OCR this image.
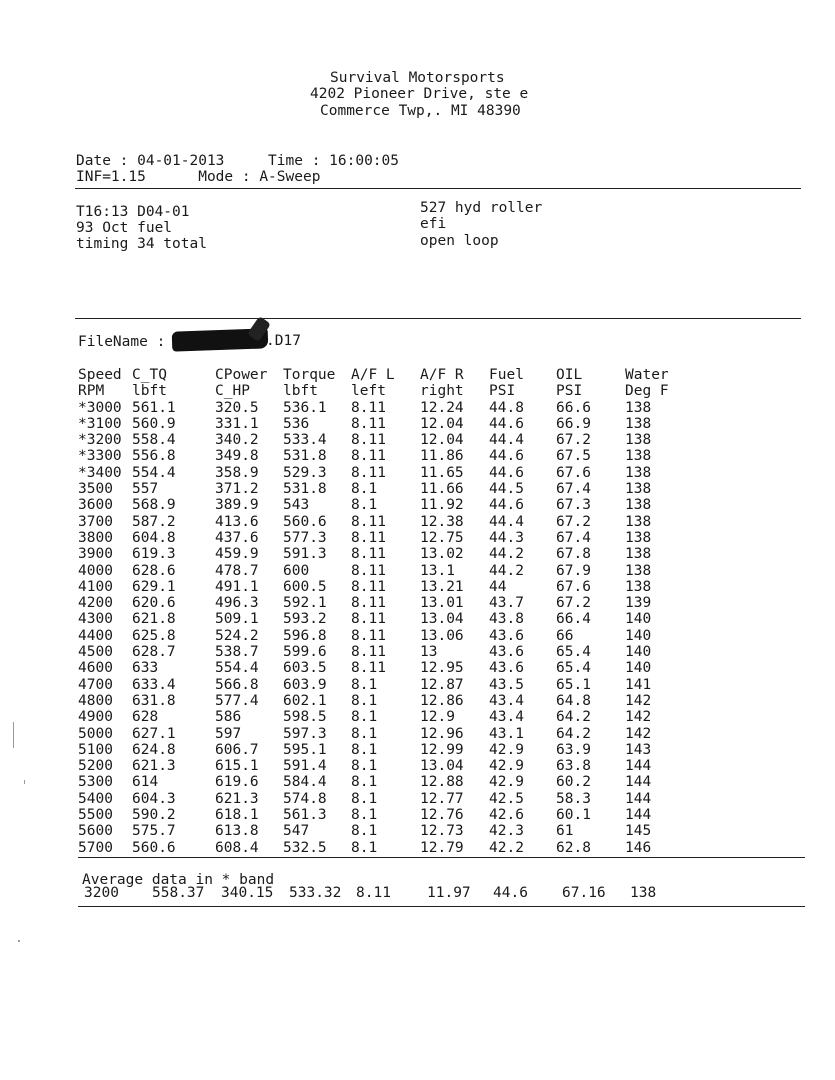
Survival Motorsports
4202 Pioneer Drive, ste e
Commerce Twp,. MI 48390
Date : 04-01-2013     Time : 16:00:05
INF=1.15      Mode : A-Sweep
T16:13 D04-01
93 Oct fuel
timing 34 total
527 hyd roller
efi
open loop
FileName :	.D17
Speed C_TQ	CPower Torque A/F L A/F R Fuel OIL	Water
RPM lbft	C_HP lbft left right PSI	PSI	Deg F
*3000 561.1	320.5 536.1 8.11 12.24 44.8 66.6 138
*3100 560.9	331.1 536	8.11 12.04 44.6 66.9 138
*3200 558.4	340.2 533.4 8.11 12.04 44.4 67.2 138
*3300 556.8	349.8 531.8 8.11 11.86 44.6 67.5 138
*3400 554.4	358.9 529.3 8.11 11.65 44.6 67.6 138
3500 557	371.2 531.8 8.1	11.66 44.5 67.4 138
3600 568.9	389.9 543	8.1	11.92 44.6 67.3 138
3700 587.2	413.6 560.6 8.11 12.38 44.4 67.2 138
3800 604.8	437.6 577.3 8.11 12.75 44.3 67.4 138
3900 619.3	459.9 591.3 8.11 13.02 44.2 67.8 138
4000 628.6	478.7 600	8.11 13.1 44.2 67.9 138
4100 629.1	491.1 600.5 8.11 13.21 44	67.6 138
4200 620.6	496.3 592.1 8.11 13.01 43.7 67.2 139
4300 621.8	509.1 593.2 8.11 13.04 43.8 66.4 140
4400 625.8	524.2 596.8 8.11 13.06 43.6 66	140
4500 628.7	538.7 599.6 8.11 13	43.6 65.4 140
4600 633	554.4 603.5 8.11 12.95 43.6 65.4 140
4700 633.4	566.8 603.9 8.1	12.87 43.5 65.1 141
4800 631.8	577.4 602.1 8.1	12.86 43.4 64.8 142
4900 628	586	598.5 8.1	12.9 43.4 64.2 142
5000 627.1	597	597.3 8.1	12.96 43.1 64.2 142
5100 624.8	606.7 595.1 8.1	12.99 42.9 63.9 143
5200 621.3	615.1 591.4 8.1	13.04 42.9 63.8 144
5300 614	619.6 584.4 8.1	12.88 42.9 60.2 144
5400 604.3	621.3 574.8 8.1	12.77 42.5 58.3 144
5500 590.2	618.1 561.3 8.1	12.76 42.6 60.1 144
5600 575.7	613.8 547	8.1	12.73 42.3 61	145
5700 560.6	608.4 532.5 8.1	12.79 42.2 62.8 146
Average data in * band
3200 558.37 340.15 533.32 8.11 11.97 44.6 67.16 138
